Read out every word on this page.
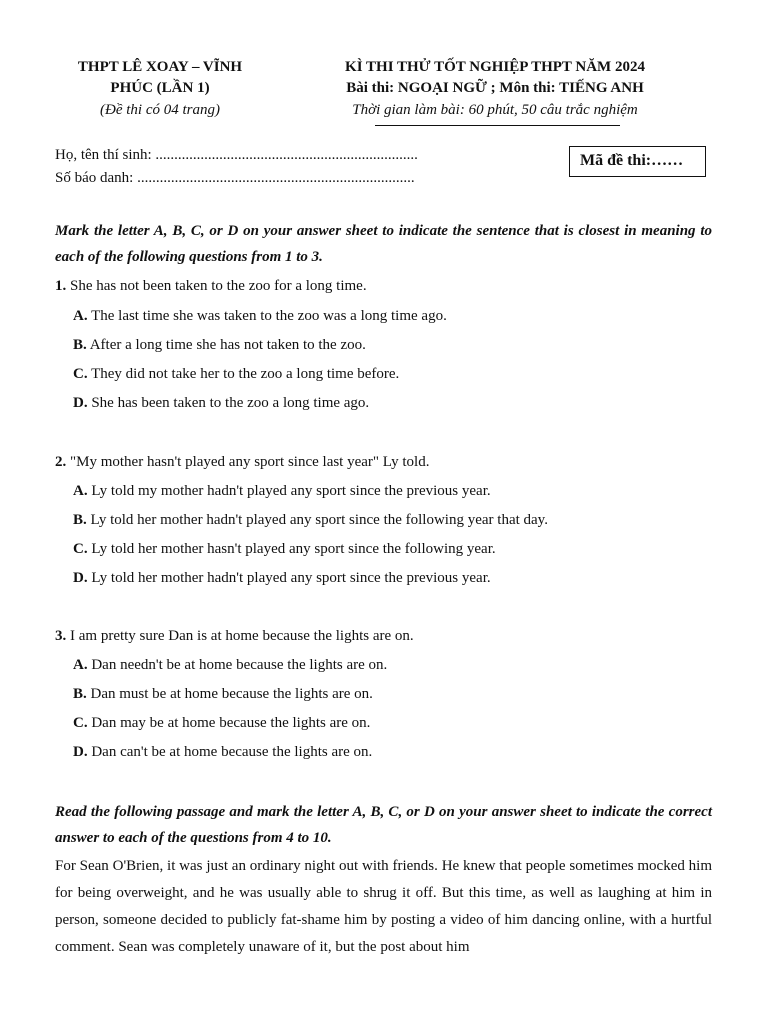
THPT LÊ XOAY – VĨNH
PHÚC (LẦN 1)
(Đề thi có 04 trang)
KÌ THI THỬ TỐT NGHIỆP THPT NĂM 2024
Bài thi: NGOẠI NGỮ ; Môn thi: TIẾNG ANH
Thời gian làm bài: 60 phút, 50 câu trắc nghiệm
Họ, tên thí sinh: ......................................................................
Số báo danh: ..........................................................................
Mã đề thi:……
Mark the letter A, B, C, or D on your answer sheet to indicate the sentence that is closest in meaning to each of the following questions from 1 to 3.
1. She has not been taken to the zoo for a long time.
A. The last time she was taken to the zoo was a long time ago.
B. After a long time she has not taken to the zoo.
C. They did not take her to the zoo a long time before.
D. She has been taken to the zoo a long time ago.
2. "My mother hasn't played any sport since last year" Ly told.
A. Ly told my mother hadn't played any sport since the previous year.
B. Ly told her mother hadn't played any sport since the following year that day.
C. Ly told her mother hasn't played any sport since the following year.
D. Ly told her mother hadn't played any sport since the previous year.
3. I am pretty sure Dan is at home because the lights are on.
A. Dan needn't be at home because the lights are on.
B. Dan must be at home because the lights are on.
C. Dan may be at home because the lights are on.
D. Dan can't be at home because the lights are on.
Read the following passage and mark the letter A, B, C, or D on your answer sheet to indicate the correct answer to each of the questions from 4 to 10.
For Sean O'Brien, it was just an ordinary night out with friends. He knew that people sometimes mocked him for being overweight, and he was usually able to shrug it off. But this time, as well as laughing at him in person, someone decided to publicly fat-shame him by posting a video of him dancing online, with a hurtful comment. Sean was completely unaware of it, but the post about him
